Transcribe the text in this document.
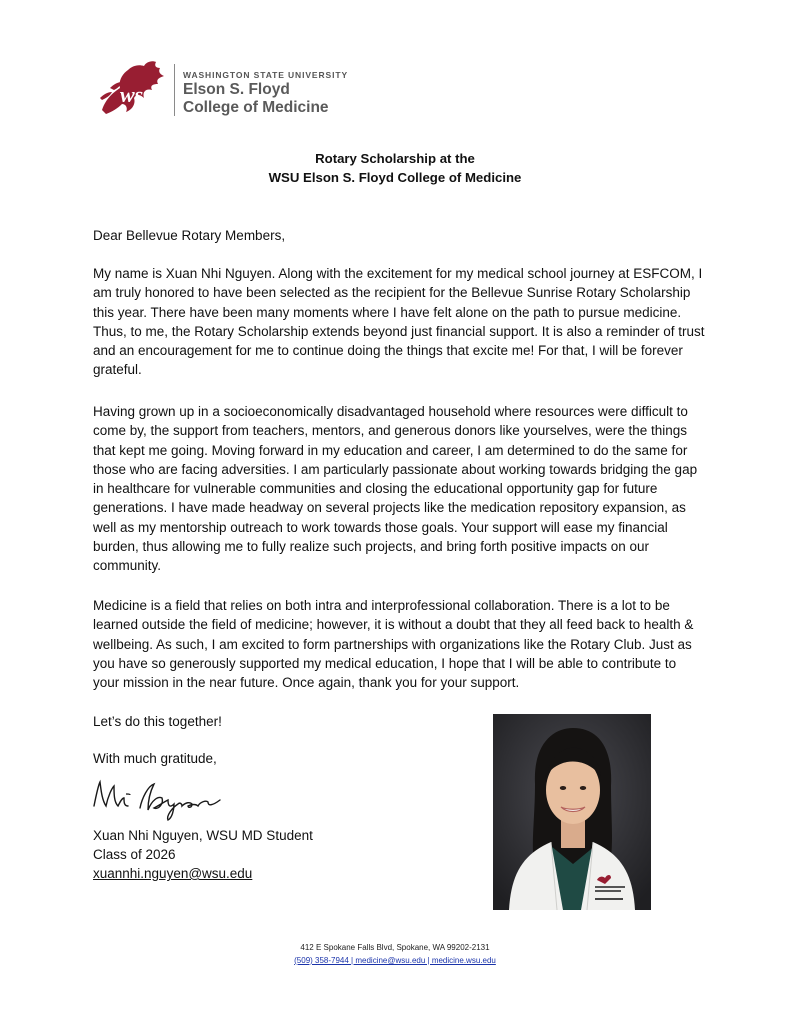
wsu
WASHINGTON STATE UNIVERSITY
Elson S. Floyd
College of Medicine
Rotary Scholarship at the
WSU Elson S. Floyd College of Medicine
Dear Bellevue Rotary Members,
My name is Xuan Nhi Nguyen. Along with the excitement for my medical school journey at ESFCOM, I am truly honored to have been selected as the recipient for the Bellevue Sunrise Rotary Scholarship this year. There have been many moments where I have felt alone on the path to pursue medicine. Thus, to me, the Rotary Scholarship extends beyond just financial support. It is also a reminder of trust and an encouragement for me to continue doing the things that excite me! For that, I will be forever grateful.
Having grown up in a socioeconomically disadvantaged household where resources were difficult to come by, the support from teachers, mentors, and generous donors like yourselves, were the things that kept me going. Moving forward in my education and career, I am determined to do the same for those who are facing adversities. I am particularly passionate about working towards bridging the gap in healthcare for vulnerable communities and closing the educational opportunity gap for future generations. I have made headway on several projects like the medication repository expansion, as well as my mentorship outreach to work towards those goals. Your support will ease my financial burden, thus allowing me to fully realize such projects, and bring forth positive impacts on our community.
Medicine is a field that relies on both intra and interprofessional collaboration. There is a lot to be learned outside the field of medicine; however, it is without a doubt that they all feed back to health & wellbeing. As such, I am excited to form partnerships with organizations like the Rotary Club. Just as you have so generously supported my medical education, I hope that I will be able to contribute to your mission in the near future. Once again, thank you for your support.
Let’s do this together!
With much gratitude,
Xuan Nhi Nguyen, WSU MD Student
Class of 2026
xuannhi.nguyen@wsu.edu
412 E Spokane Falls Blvd, Spokane, WA 99202-2131
(509) 358-7944 | medicine@wsu.edu | medicine.wsu.edu
